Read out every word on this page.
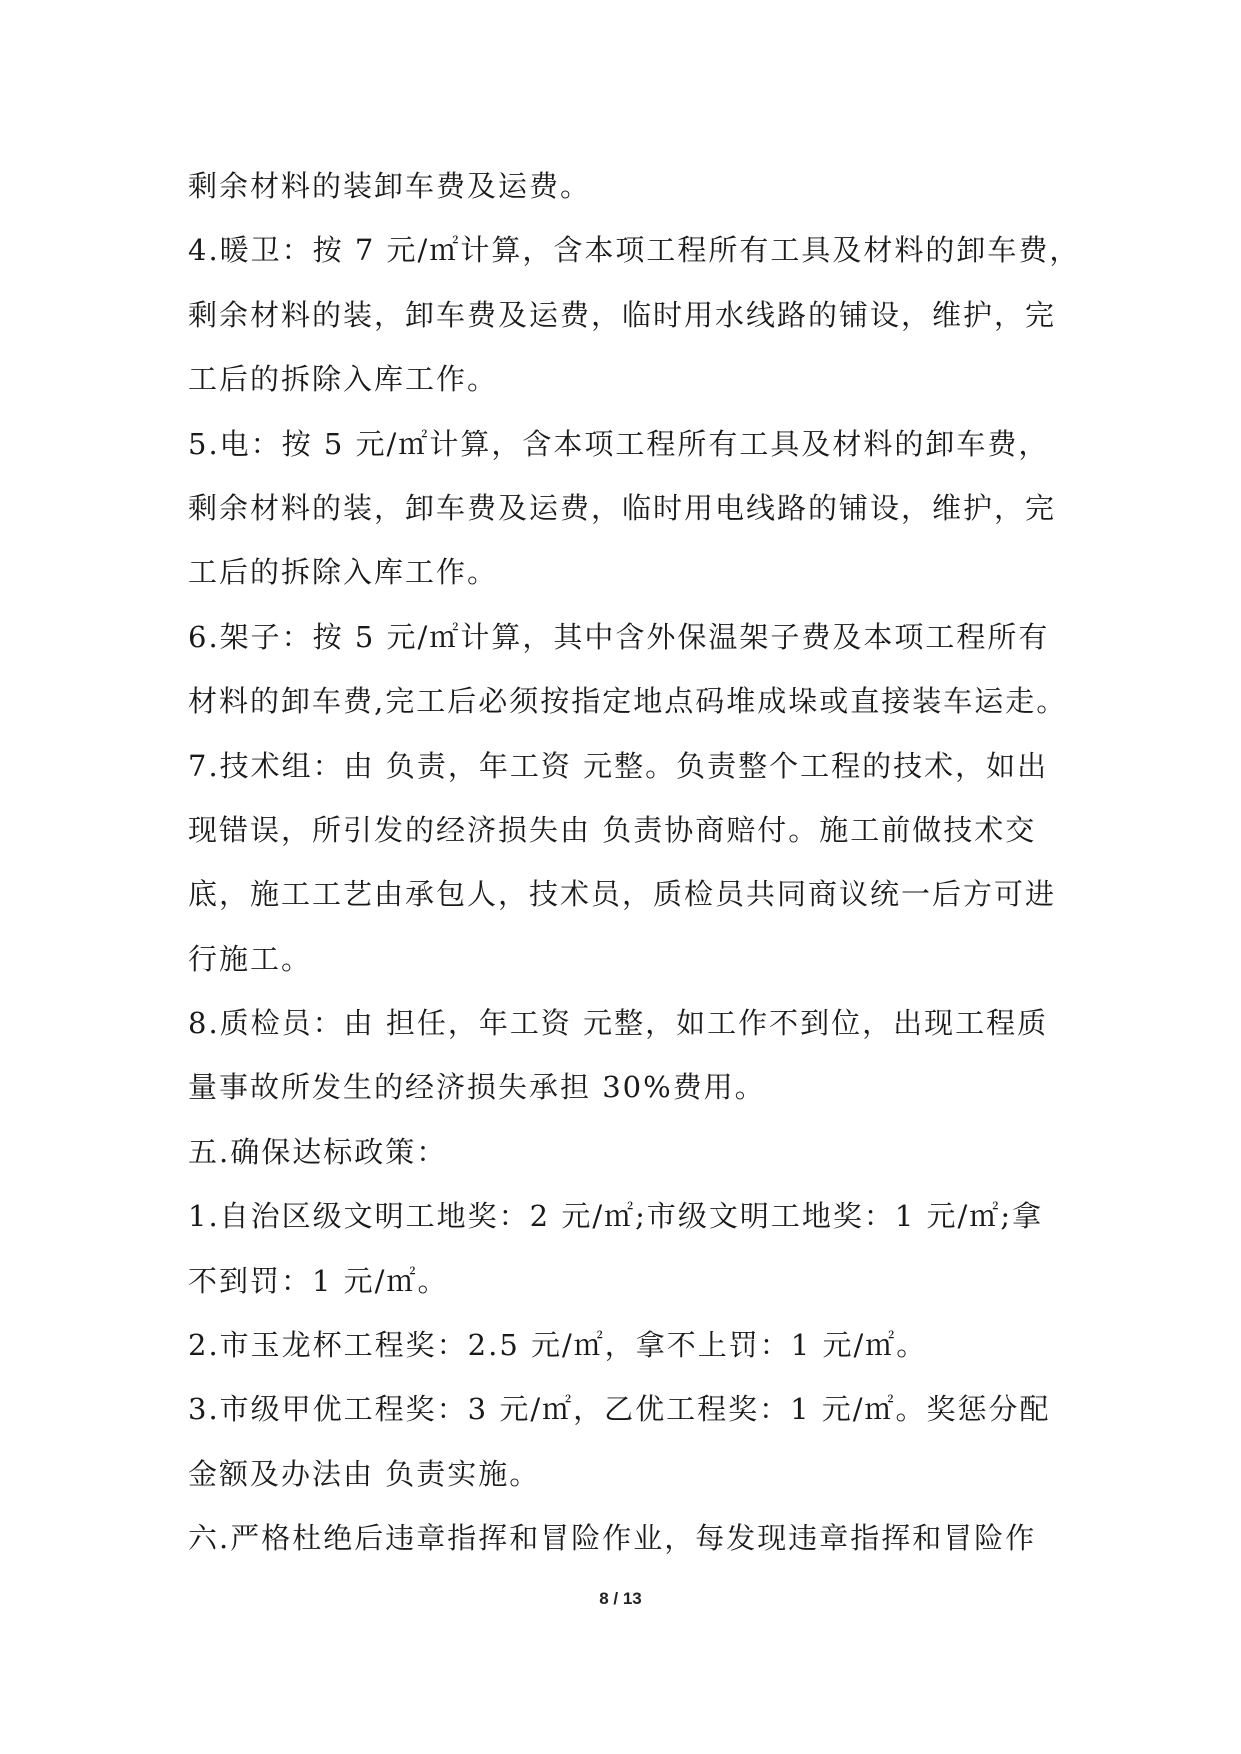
剩余材料的装卸车费及运费。
4.暖卫：按 7 元/㎡计算，含本项工程所有工具及材料的卸车费，
剩余材料的装，卸车费及运费，临时用水线路的铺设，维护，完
工后的拆除入库工作。
5.电：按 5 元/㎡计算，含本项工程所有工具及材料的卸车费，
剩余材料的装，卸车费及运费，临时用电线路的铺设，维护，完
工后的拆除入库工作。
6.架子：按 5 元/㎡计算，其中含外保温架子费及本项工程所有
材料的卸车费,完工后必须按指定地点码堆成垛或直接装车运走。
7.技术组：由 负责，年工资 元整。负责整个工程的技术，如出
现错误，所引发的经济损失由 负责协商赔付。施工前做技术交
底，施工工艺由承包人，技术员，质检员共同商议统一后方可进
行施工。
8.质检员：由 担任，年工资 元整，如工作不到位，出现工程质
量事故所发生的经济损失承担 30%费用。
五.确保达标政策：
1.自治区级文明工地奖：2 元/㎡;市级文明工地奖：1 元/㎡;拿
不到罚：1 元/㎡。
2.市玉龙杯工程奖：2.5 元/㎡，拿不上罚：1 元/㎡。
3.市级甲优工程奖：3 元/㎡，乙优工程奖：1 元/㎡。奖惩分配
金额及办法由 负责实施。
六.严格杜绝后违章指挥和冒险作业，每发现违章指挥和冒险作
8 / 13
